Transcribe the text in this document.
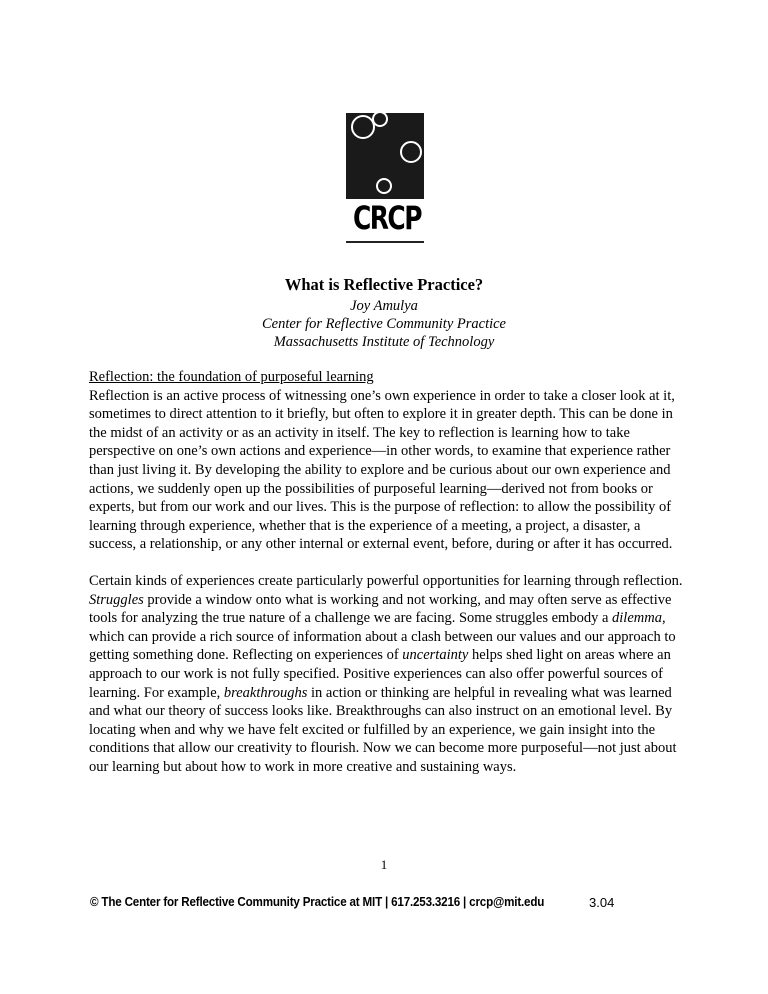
CRCP
What is Reflective Practice?
Joy Amulya
Center for Reflective Community Practice
Massachusetts Institute of Technology
Reflection: the foundation of purposeful learning

Reflection is an active process of witnessing one’s own experience in order to take a closer look at it, sometimes to direct attention to it briefly, but often to explore it in greater depth. This can be done in the midst of an activity or as an activity in itself. The key to reflection is learning how to take perspective on one’s own actions and experience—in other words, to examine that experience rather than just living it. By developing the ability to explore and be curious about our own experience and actions, we suddenly open up the possibilities of purposeful learning—derived not from books or experts, but from our work and our lives. This is the purpose of reflection: to allow the possibility of learning through experience, whether that is the experience of a meeting, a project, a disaster, a success, a relationship, or any other internal or external event, before, during or after it has occurred.

Certain kinds of experiences create particularly powerful opportunities for learning through reflection. Struggles provide a window onto what is working and not working, and may often serve as effective tools for analyzing the true nature of a challenge we are facing. Some struggles embody a dilemma, which can provide a rich source of information about a clash between our values and our approach to getting something done. Reflecting on experiences of uncertainty helps shed light on areas where an approach to our work is not fully specified. Positive experiences can also offer powerful sources of learning. For example, breakthroughs in action or thinking are helpful in revealing what was learned and what our theory of success looks like. Breakthroughs can also instruct on an emotional level. By locating when and why we have felt excited or fulfilled by an experience, we gain insight into the conditions that allow our creativity to flourish. Now we can become more purposeful—not just about our learning but about how to work in more creative and sustaining ways.

1
© The Center for Reflective Community Practice at MIT | 617.253.3216 | crcp@mit.edu	3.04
